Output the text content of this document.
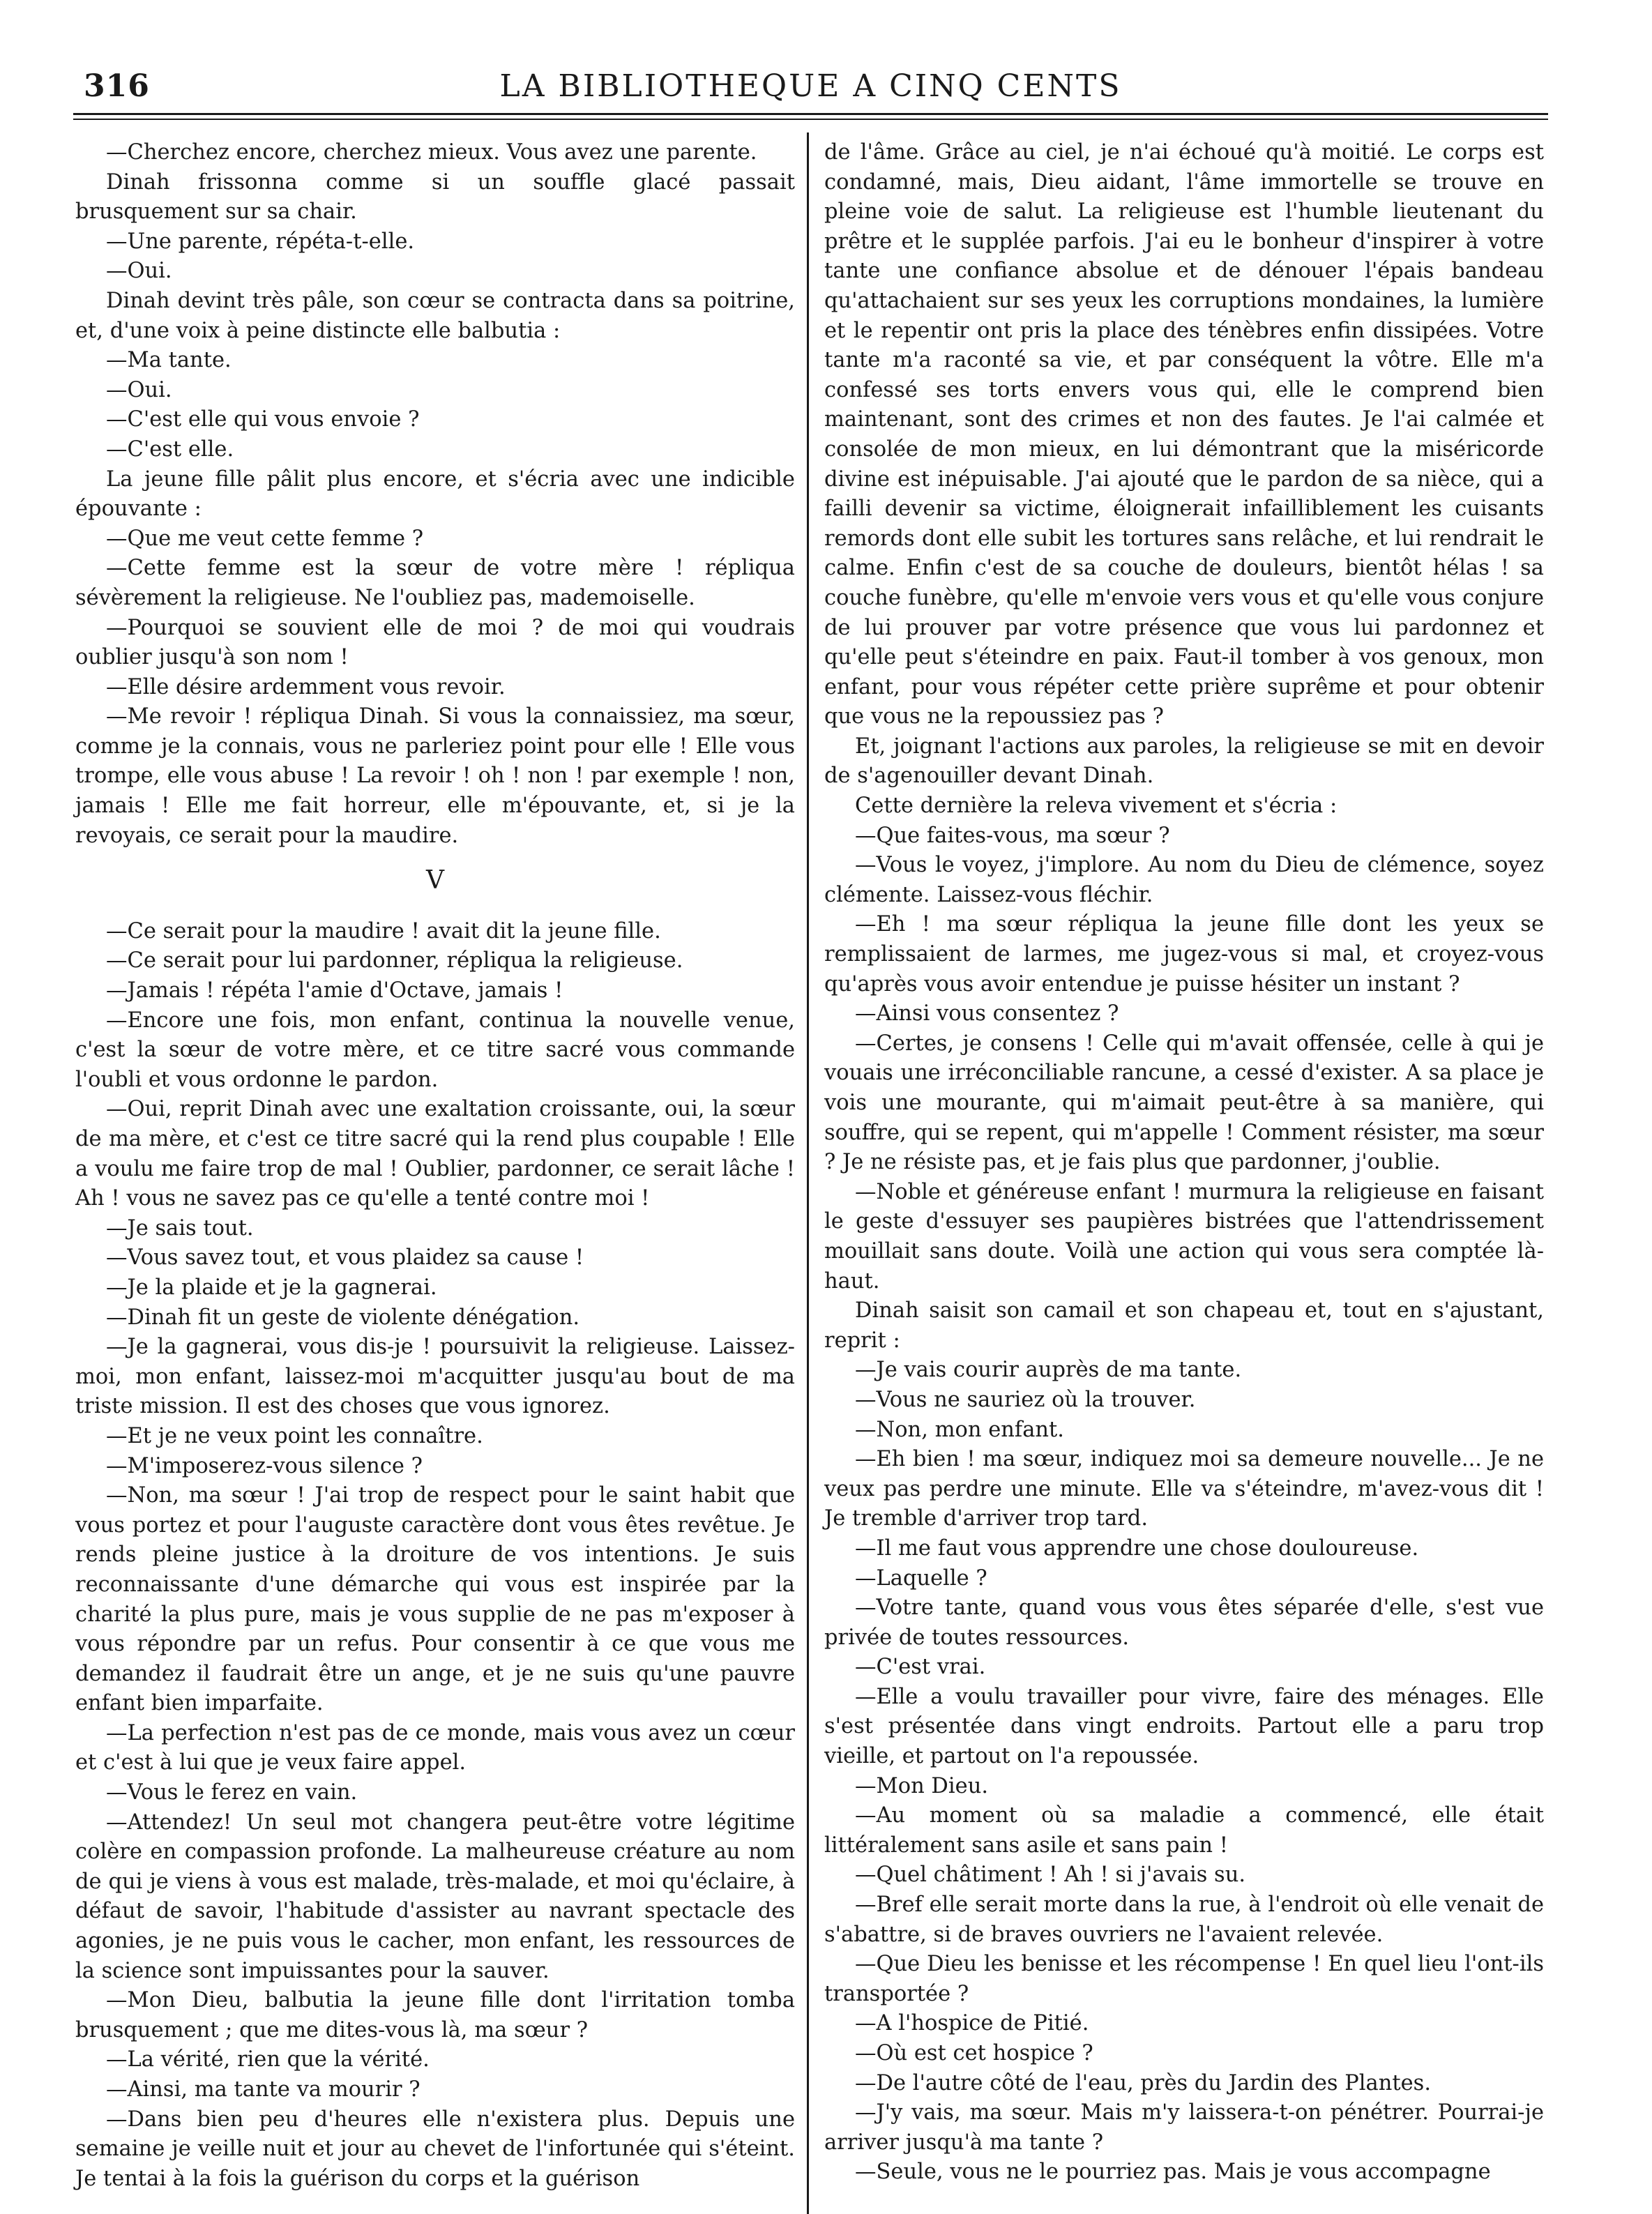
316	LA BIBLIOTHEQUE A CINQ CENTS

—Cherchez encore, cherchez mieux. Vous avez une parente.

Dinah frissonna comme si un souffle glacé passait brusquement sur sa chair.

—Une parente, répéta-t-elle.

—Oui.

Dinah devint très pâle, son cœur se contracta dans sa poitrine, et, d'une voix à peine distincte elle balbutia :

—Ma tante.

—Oui.

—C'est elle qui vous envoie ?

—C'est elle.

La jeune fille pâlit plus encore, et s'écria avec une indicible épouvante :

—Que me veut cette femme ?

—Cette femme est la sœur de votre mère ! répliqua sévèrement la religieuse. Ne l'oubliez pas, mademoiselle.

—Pourquoi se souvient elle de moi ? de moi qui voudrais oublier jusqu'à son nom !

—Elle désire ardemment vous revoir.

—Me revoir ! répliqua Dinah. Si vous la connaissiez, ma sœur, comme je la connais, vous ne parleriez point pour elle ! Elle vous trompe, elle vous abuse ! La revoir ! oh ! non ! par exemple ! non, jamais ! Elle me fait horreur, elle m'épouvante, et, si je la revoyais, ce serait pour la maudire.

V

—Ce serait pour la maudire ! avait dit la jeune fille.

—Ce serait pour lui pardonner, répliqua la religieuse.

—Jamais ! répéta l'amie d'Octave, jamais !

—Encore une fois, mon enfant, continua la nouvelle venue, c'est la sœur de votre mère, et ce titre sacré vous commande l'oubli et vous ordonne le pardon.

—Oui, reprit Dinah avec une exaltation croissante, oui, la sœur de ma mère, et c'est ce titre sacré qui la rend plus coupable ! Elle a voulu me faire trop de mal ! Oublier, pardonner, ce serait lâche ! Ah ! vous ne savez pas ce qu'elle a tenté contre moi !

—Je sais tout.

—Vous savez tout, et vous plaidez sa cause !

—Je la plaide et je la gagnerai.

—Dinah fit un geste de violente dénégation.

—Je la gagnerai, vous dis-je ! poursuivit la religieuse. Laissez-moi, mon enfant, laissez-moi m'acquitter jusqu'au bout de ma triste mission. Il est des choses que vous ignorez.

—Et je ne veux point les connaître.

—M'imposerez-vous silence ?

—Non, ma sœur ! J'ai trop de respect pour le saint habit que vous portez et pour l'auguste caractère dont vous êtes revêtue. Je rends pleine justice à la droiture de vos intentions. Je suis reconnaissante d'une démarche qui vous est inspirée par la charité la plus pure, mais je vous supplie de ne pas m'exposer à vous répondre par un refus. Pour consentir à ce que vous me demandez il faudrait être un ange, et je ne suis qu'une pauvre enfant bien imparfaite.

—La perfection n'est pas de ce monde, mais vous avez un cœur et c'est à lui que je veux faire appel.

—Vous le ferez en vain.

—Attendez! Un seul mot changera peut-être votre légitime colère en compassion profonde. La malheureuse créature au nom de qui je viens à vous est malade, très-malade, et moi qu'éclaire, à défaut de savoir, l'habitude d'assister au navrant spectacle des agonies, je ne puis vous le cacher, mon enfant, les ressources de la science sont impuissantes pour la sauver.

—Mon Dieu, balbutia la jeune fille dont l'irritation tomba brusquement ; que me dites-vous là, ma sœur ?

—La vérité, rien que la vérité.

—Ainsi, ma tante va mourir ?

—Dans bien peu d'heures elle n'existera plus. Depuis une semaine je veille nuit et jour au chevet de l'infortunée qui s'éteint. Je tentai à la fois la guérison du corps et la guérison

de l'âme. Grâce au ciel, je n'ai échoué qu'à moitié. Le corps est condamné, mais, Dieu aidant, l'âme immortelle se trouve en pleine voie de salut. La religieuse est l'humble lieutenant du prêtre et le supplée parfois. J'ai eu le bonheur d'inspirer à votre tante une confiance absolue et de dénouer l'épais bandeau qu'attachaient sur ses yeux les corruptions mondaines, la lumière et le repentir ont pris la place des ténèbres enfin dissipées. Votre tante m'a raconté sa vie, et par conséquent la vôtre. Elle m'a confessé ses torts envers vous qui, elle le comprend bien maintenant, sont des crimes et non des fautes. Je l'ai calmée et consolée de mon mieux, en lui démontrant que la miséricorde divine est inépuisable. J'ai ajouté que le pardon de sa nièce, qui a failli devenir sa victime, éloignerait infailliblement les cuisants remords dont elle subit les tortures sans relâche, et lui rendrait le calme. Enfin c'est de sa couche de douleurs, bientôt hélas ! sa couche funèbre, qu'elle m'envoie vers vous et qu'elle vous conjure de lui prouver par votre présence que vous lui pardonnez et qu'elle peut s'éteindre en paix. Faut-il tomber à vos genoux, mon enfant, pour vous répéter cette prière suprême et pour obtenir que vous ne la repoussiez pas ?

Et, joignant l'actions aux paroles, la religieuse se mit en devoir de s'agenouiller devant Dinah.

Cette dernière la releva vivement et s'écria :

—Que faites-vous, ma sœur ?

—Vous le voyez, j'implore. Au nom du Dieu de clémence, soyez clémente. Laissez-vous fléchir.

—Eh ! ma sœur répliqua la jeune fille dont les yeux se remplissaient de larmes, me jugez-vous si mal, et croyez-vous qu'après vous avoir entendue je puisse hésiter un instant ?

—Ainsi vous consentez ?

—Certes, je consens ! Celle qui m'avait offensée, celle à qui je vouais une irréconciliable rancune, a cessé d'exister. A sa place je vois une mourante, qui m'aimait peut-être à sa manière, qui souffre, qui se repent, qui m'appelle ! Comment résister, ma sœur ? Je ne résiste pas, et je fais plus que pardonner, j'oublie.

—Noble et généreuse enfant ! murmura la religieuse en faisant le geste d'essuyer ses paupières bistrées que l'attendrissement mouillait sans doute. Voilà une action qui vous sera comptée là-haut.

Dinah saisit son camail et son chapeau et, tout en s'ajustant, reprit :

—Je vais courir auprès de ma tante.

—Vous ne sauriez où la trouver.

—Non, mon enfant.

—Eh bien ! ma sœur, indiquez moi sa demeure nouvelle... Je ne veux pas perdre une minute. Elle va s'éteindre, m'avez-vous dit ! Je tremble d'arriver trop tard.

—Il me faut vous apprendre une chose douloureuse.

—Laquelle ?

—Votre tante, quand vous vous êtes séparée d'elle, s'est vue privée de toutes ressources.

—C'est vrai.

—Elle a voulu travailler pour vivre, faire des ménages. Elle s'est présentée dans vingt endroits. Partout elle a paru trop vieille, et partout on l'a repoussée.

—Mon Dieu.

—Au moment où sa maladie a commencé, elle était littéralement sans asile et sans pain !

—Quel châtiment ! Ah ! si j'avais su.

—Bref elle serait morte dans la rue, à l'endroit où elle venait de s'abattre, si de braves ouvriers ne l'avaient relevée.

—Que Dieu les benisse et les récompense ! En quel lieu l'ont-ils transportée ?

—A l'hospice de Pitié.

—Où est cet hospice ?

—De l'autre côté de l'eau, près du Jardin des Plantes.

—J'y vais, ma sœur. Mais m'y laissera-t-on pénétrer. Pourrai-je arriver jusqu'à ma tante ?

—Seule, vous ne le pourriez pas. Mais je vous accompagne
